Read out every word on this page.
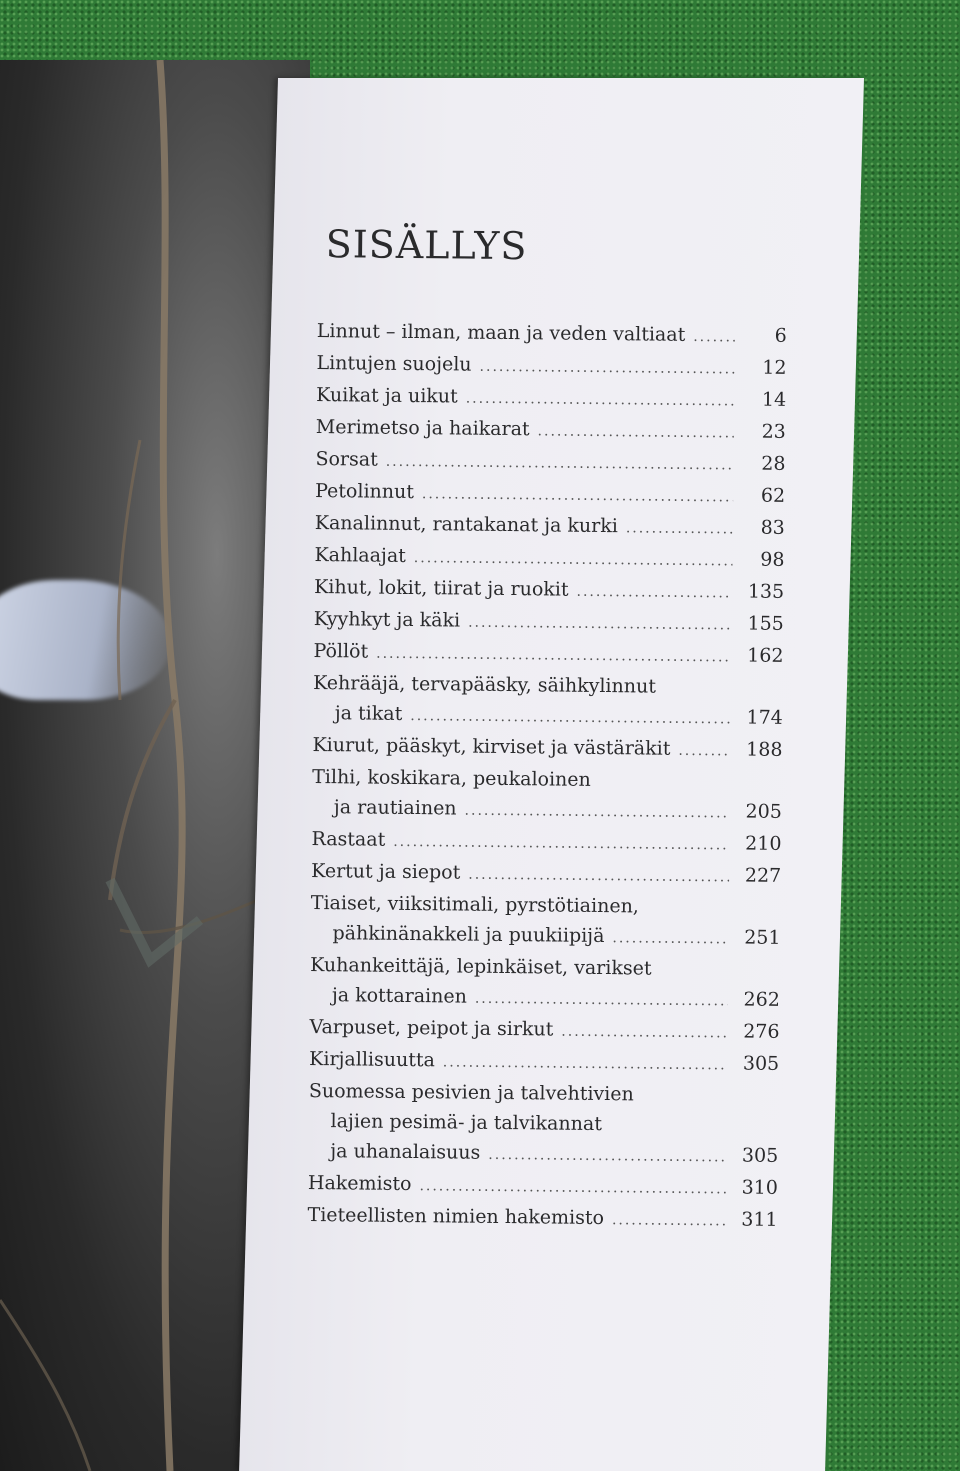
SISÄLLYS
Linnut – ilman, maan ja veden valtiaat .....	6
Lintujen suojelu .....	12
Kuikat ja uikut .....	14
Merimetso ja haikarat .....	23
Sorsat .....	28
Petolinnut .....	62
Kanalinnut, rantakanat ja kurki .....	83
Kahlaajat .....	98
Kihut, lokit, tiirat ja ruokit .....	135
Kyyhkyt ja käki .....	155
Pöllöt .....	162
Kehrääjä, tervapääsky, säihkylinnut
ja tikat .....	174
Kiurut, pääskyt, kirviset ja västäräkit .....	188
Tilhi, koskikara, peukaloinen
ja rautiainen .....	205
Rastaat .....	210
Kertut ja siepot .....	227
Tiaiset, viiksitimali, pyrstötiainen,
pähkinänakkeli ja puukiipijä .....	251
Kuhankeittäjä, lepinkäiset, varikset
ja kottarainen .....	262
Varpuset, peipot ja sirkut .....	276
Kirjallisuutta .....	305
Suomessa pesivien ja talvehtivien
lajien pesimä- ja talvikannat
ja uhanalaisuus .....	305
Hakemisto .....	310
Tieteellisten nimien hakemisto .....	311
